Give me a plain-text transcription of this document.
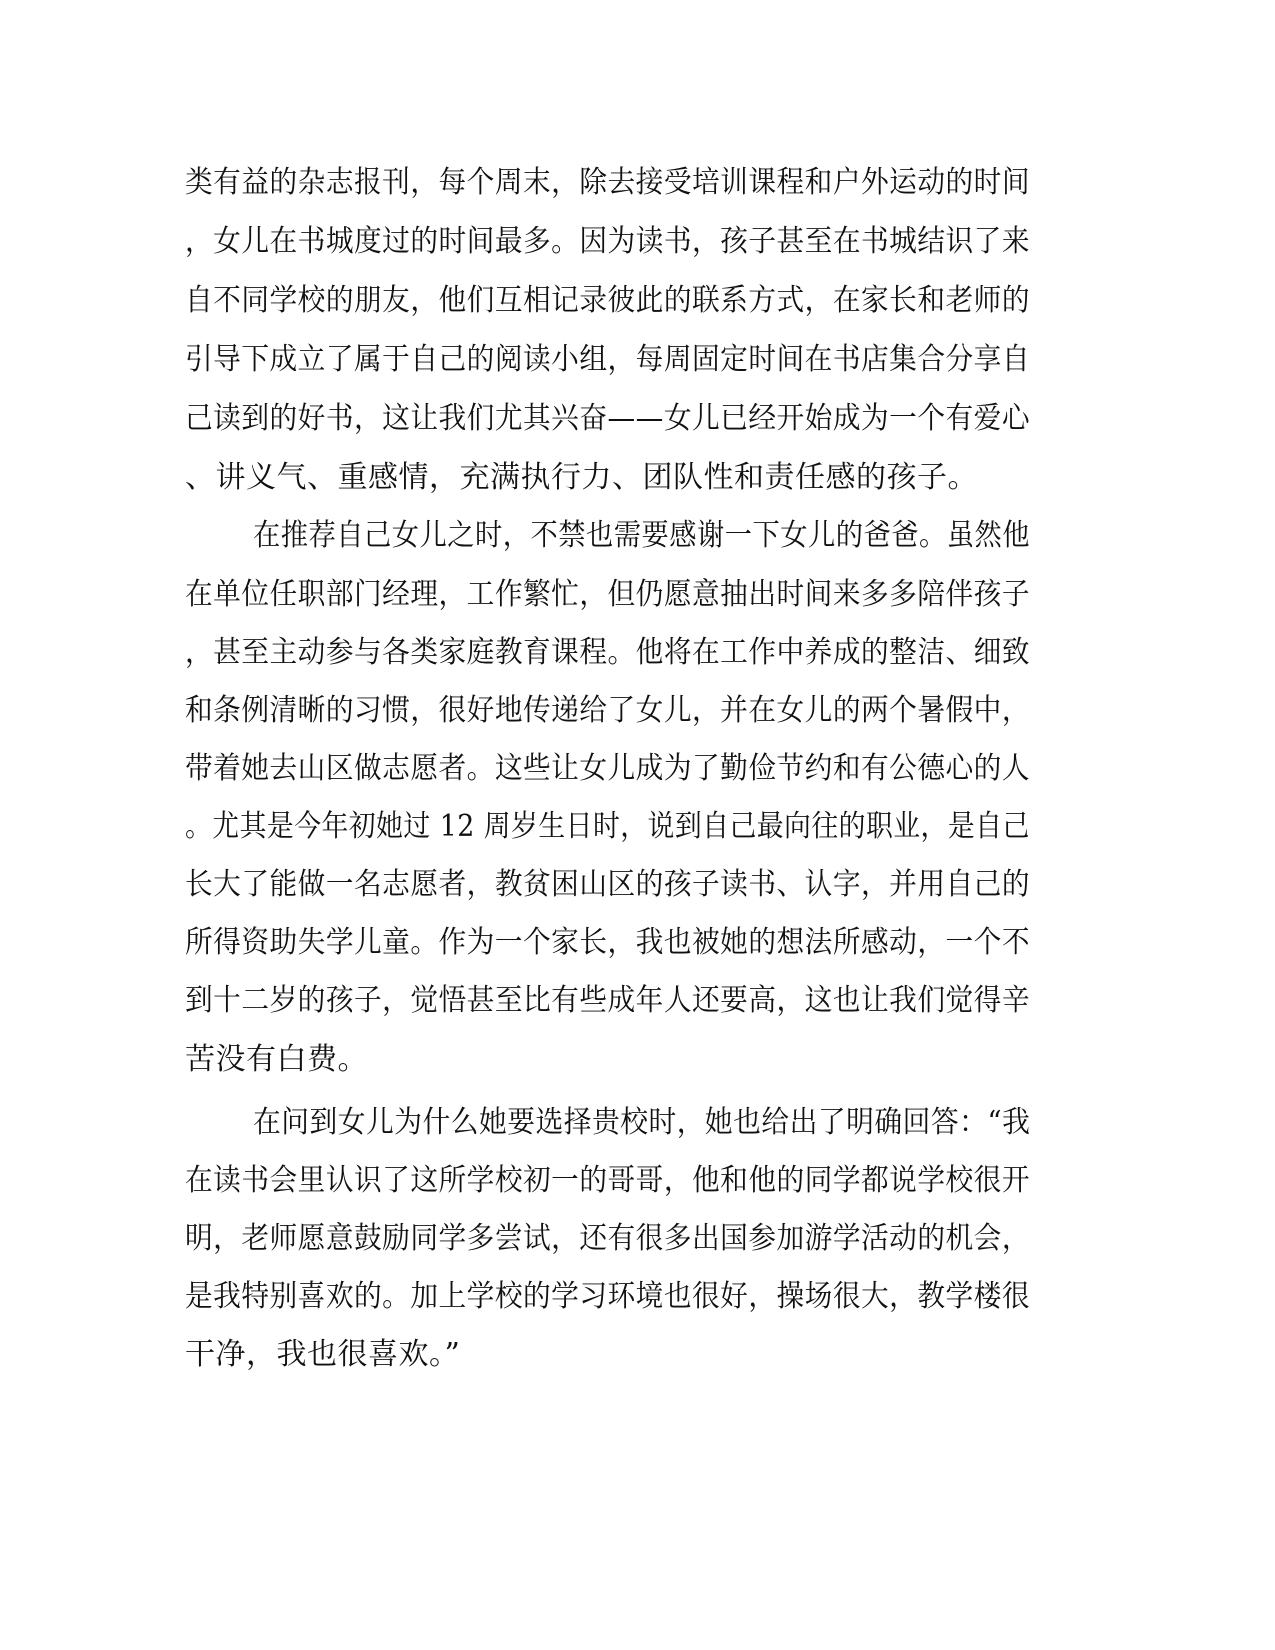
类有益的杂志报刊，每个周末，除去接受培训课程和户外运动的时间
，女儿在书城度过的时间最多。因为读书，孩子甚至在书城结识了来
自不同学校的朋友，他们互相记录彼此的联系方式，在家长和老师的
引导下成立了属于自己的阅读小组，每周固定时间在书店集合分享自
己读到的好书，这让我们尤其兴奋——女儿已经开始成为一个有爱心
、讲义气、重感情，充满执行力、团队性和责任感的孩子。
在推荐自己女儿之时，不禁也需要感谢一下女儿的爸爸。虽然他
在单位任职部门经理，工作繁忙，但仍愿意抽出时间来多多陪伴孩子
，甚至主动参与各类家庭教育课程。他将在工作中养成的整洁、细致
和条例清晰的习惯，很好地传递给了女儿，并在女儿的两个暑假中，
带着她去山区做志愿者。这些让女儿成为了勤俭节约和有公德心的人
。尤其是今年初她过 12 周岁生日时，说到自己最向往的职业，是自己
长大了能做一名志愿者，教贫困山区的孩子读书、认字，并用自己的
所得资助失学儿童。作为一个家长，我也被她的想法所感动，一个不
到十二岁的孩子，觉悟甚至比有些成年人还要高，这也让我们觉得辛
苦没有白费。
在问到女儿为什么她要选择贵校时，她也给出了明确回答：“我
在读书会里认识了这所学校初一的哥哥，他和他的同学都说学校很开
明，老师愿意鼓励同学多尝试，还有很多出国参加游学活动的机会，
是我特别喜欢的。加上学校的学习环境也很好，操场很大，教学楼很
干净，我也很喜欢。”
